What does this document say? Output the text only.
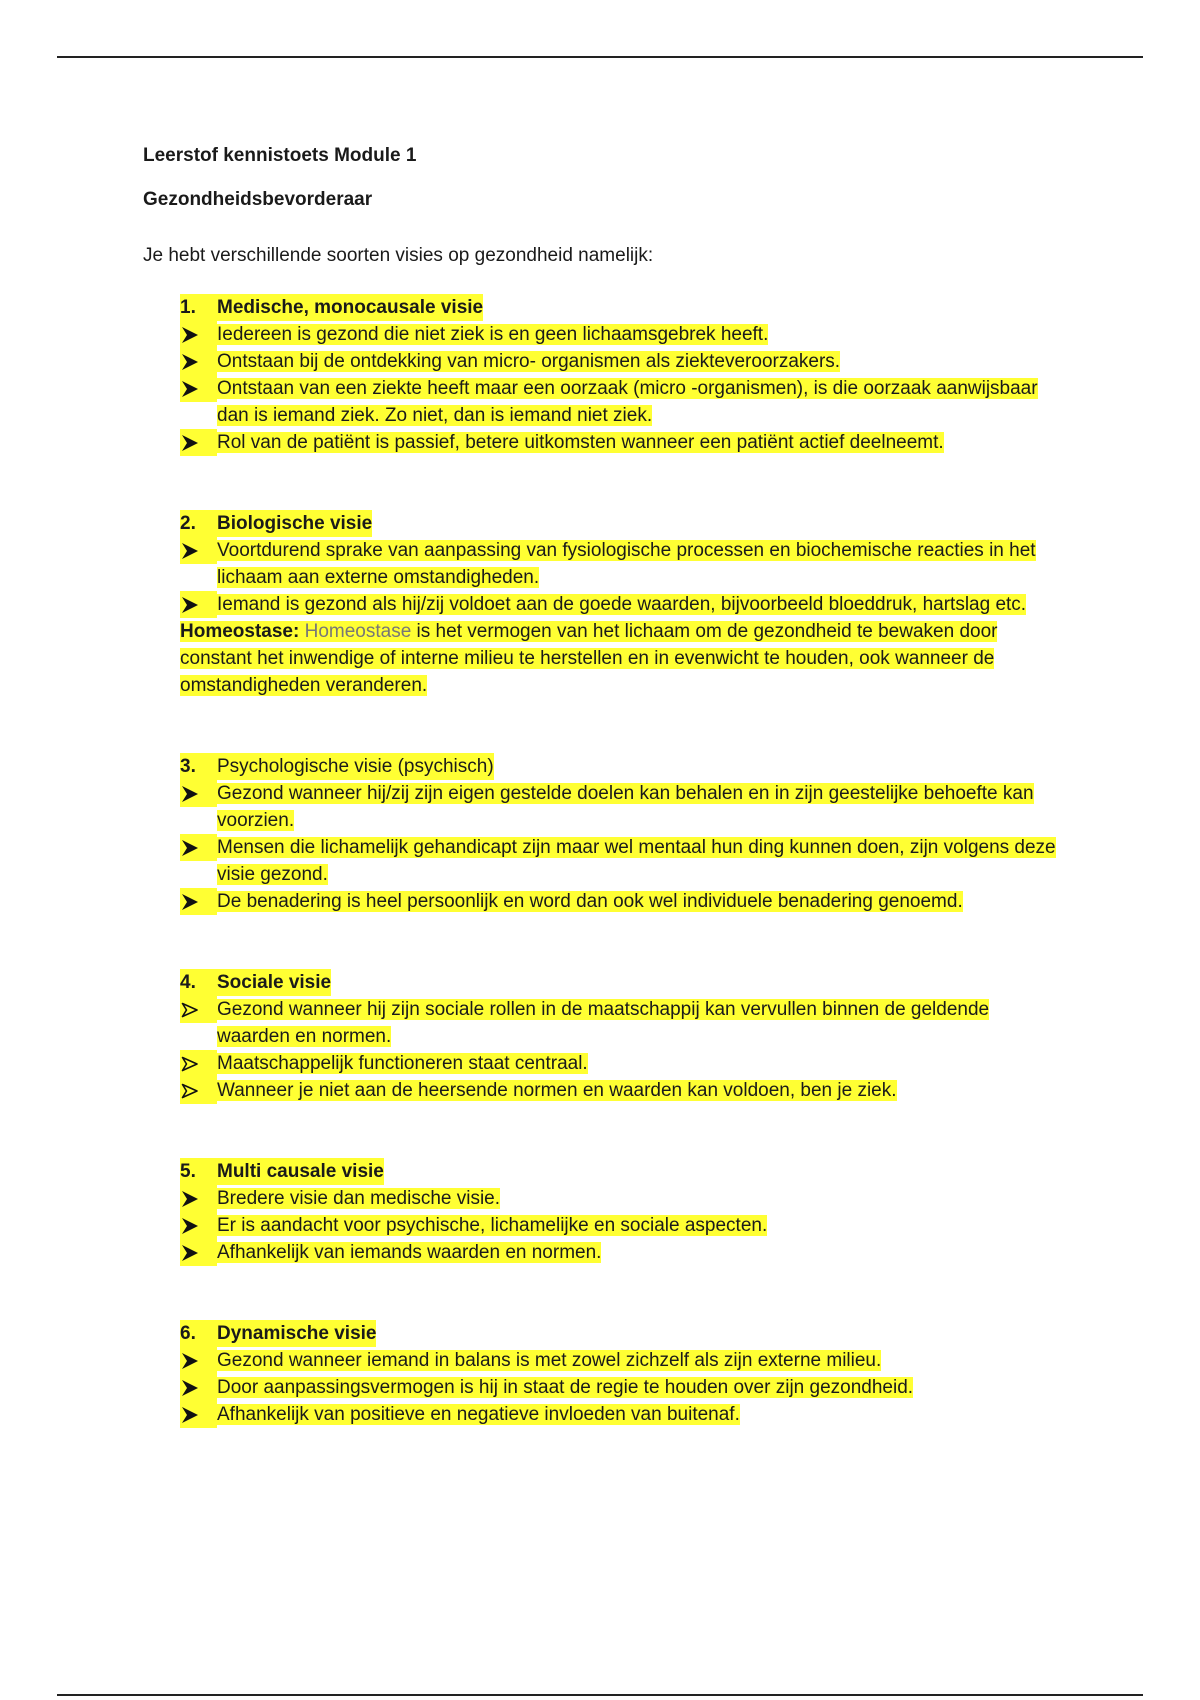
Leerstof kennistoets Module 1
Gezondheidsbevorderaar
Je hebt verschillende soorten visies op gezondheid namelijk:
1.	Medische, monocausale visie
Iedereen is gezond die niet ziek is en geen lichaamsgebrek heeft.
Ontstaan bij de ontdekking van micro- organismen als ziekteveroorzakers.
Ontstaan van een ziekte heeft maar een oorzaak (micro -organismen), is die oorzaak aanwijsbaar dan is iemand ziek. Zo niet, dan is iemand niet ziek.
Rol van de patiënt is passief, betere uitkomsten wanneer een patiënt actief deelneemt.
2.	Biologische visie
Voortdurend sprake van aanpassing van fysiologische processen en biochemische reacties in het lichaam aan externe omstandigheden.
Iemand is gezond als hij/zij voldoet aan de goede waarden, bijvoorbeeld bloeddruk, hartslag etc.

Homeostase: Homeostase is het vermogen van het lichaam om de gezondheid te bewaken door constant het inwendige of interne milieu te herstellen en in evenwicht te houden, ook wanneer de omstandigheden veranderen.

3.	Psychologische visie (psychisch)
Gezond wanneer hij/zij zijn eigen gestelde doelen kan behalen en in zijn geestelijke behoefte kan voorzien.
Mensen die lichamelijk gehandicapt zijn maar wel mentaal hun ding kunnen doen, zijn volgens deze visie gezond.
De benadering is heel persoonlijk en word dan ook wel individuele benadering genoemd.
4.	Sociale visie
Gezond wanneer hij zijn sociale rollen in de maatschappij kan vervullen binnen de geldende waarden en normen.
Maatschappelijk functioneren staat centraal.
Wanneer je niet aan de heersende normen en waarden kan voldoen, ben je ziek.
5.	Multi causale visie
Bredere visie dan medische visie.
Er is aandacht voor psychische, lichamelijke en sociale aspecten.
Afhankelijk van iemands waarden en normen.
6.	Dynamische visie
Gezond wanneer iemand in balans is met zowel zichzelf als zijn externe milieu.
Door aanpassingsvermogen is hij in staat de regie te houden over zijn gezondheid.
Afhankelijk van positieve en negatieve invloeden van buitenaf.
